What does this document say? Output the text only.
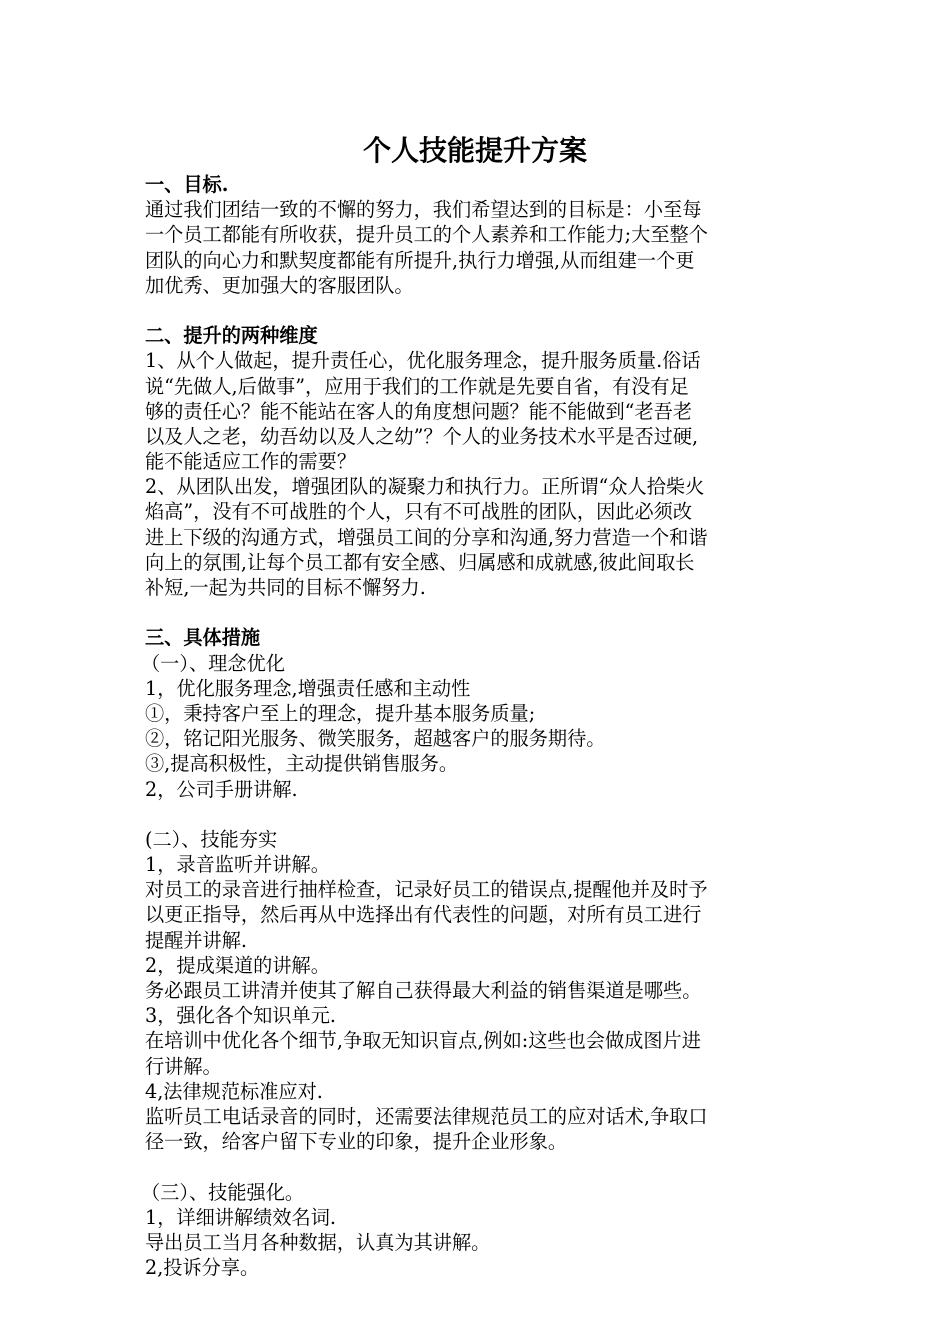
个人技能提升方案
一、目标.
通过我们团结一致的不懈的努力，我们希望达到的目标是：小至每
一个员工都能有所收获，提升员工的个人素养和工作能力;大至整个
团队的向心力和默契度都能有所提升,执行力增强,从而组建一个更
加优秀、更加强大的客服团队。
二、提升的两种维度
1、从个人做起，提升责任心，优化服务理念，提升服务质量.俗话
说“先做人,后做事”，应用于我们的工作就是先要自省，有没有足
够的责任心？能不能站在客人的角度想问题？能不能做到“老吾老
以及人之老，幼吾幼以及人之幼”？个人的业务技术水平是否过硬,
能不能适应工作的需要？
2、从团队出发，增强团队的凝聚力和执行力。正所谓“众人拾柴火
焰高”，没有不可战胜的个人，只有不可战胜的团队，因此必须改
进上下级的沟通方式，增强员工间的分享和沟通,努力营造一个和谐
向上的氛围,让每个员工都有安全感、归属感和成就感,彼此间取长
补短,一起为共同的目标不懈努力.
三、具体措施
（一）、理念优化
1，优化服务理念,增强责任感和主动性
①，秉持客户至上的理念，提升基本服务质量;
②，铭记阳光服务、微笑服务，超越客户的服务期待。
③,提高积极性，主动提供销售服务。
2，公司手册讲解.
(二）、技能夯实
1，录音监听并讲解。
对员工的录音进行抽样检查，记录好员工的错误点,提醒他并及时予
以更正指导，然后再从中选择出有代表性的问题，对所有员工进行
提醒并讲解.
2，提成渠道的讲解。
务必跟员工讲清并使其了解自己获得最大利益的销售渠道是哪些。
3，强化各个知识单元.
在培训中优化各个细节,争取无知识盲点,例如:这些也会做成图片进
行讲解。
4,法律规范标准应对.
监听员工电话录音的同时，还需要法律规范员工的应对话术,争取口
径一致，给客户留下专业的印象，提升企业形象。
（三）、技能强化。
1，详细讲解绩效名词.
导出员工当月各种数据，认真为其讲解。
2,投诉分享。
